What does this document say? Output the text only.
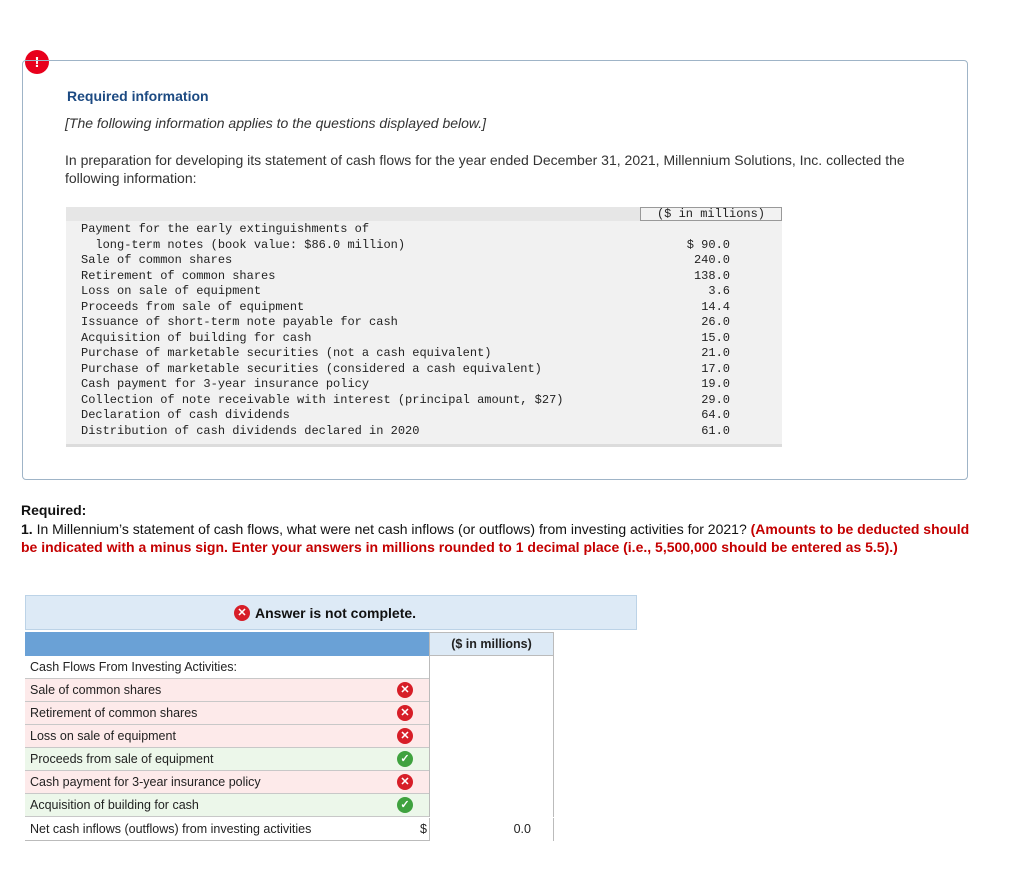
!
Required information
[The following information applies to the questions displayed below.]
In preparation for developing its statement of cash flows for the year ended December 31, 2021, Millennium Solutions, Inc. collected the following information:
($ in millions)
Payment for the early extinguishments of
long-term notes (book value: $86.0 million)	$ 90.0
Sale of common shares	240.0
Retirement of common shares	138.0
Loss on sale of equipment	3.6
Proceeds from sale of equipment	14.4
Issuance of short-term note payable for cash	26.0
Acquisition of building for cash	15.0
Purchase of marketable securities (not a cash equivalent)	21.0
Purchase of marketable securities (considered a cash equivalent)	17.0
Cash payment for 3-year insurance policy	19.0
Collection of note receivable with interest (principal amount, $27)	29.0
Declaration of cash dividends	64.0
Distribution of cash dividends declared in 2020	61.0
Required:
1. In Millennium’s statement of cash flows, what were net cash inflows (or outflows) from investing activities for 2021? (Amounts to be deducted should be indicated with a minus sign. Enter your answers in millions rounded to 1 decimal place (i.e., 5,500,000 should be entered as 5.5).)
✕ Answer is not complete.
($ in millions)
Cash Flows From Investing Activities:
Sale of common shares	✕
Retirement of common shares	✕
Loss on sale of equipment	✕
Proceeds from sale of equipment	✓
Cash payment for 3-year insurance policy	✕
Acquisition of building for cash	✓
Net cash inflows (outflows) from investing activities	$	0.0
